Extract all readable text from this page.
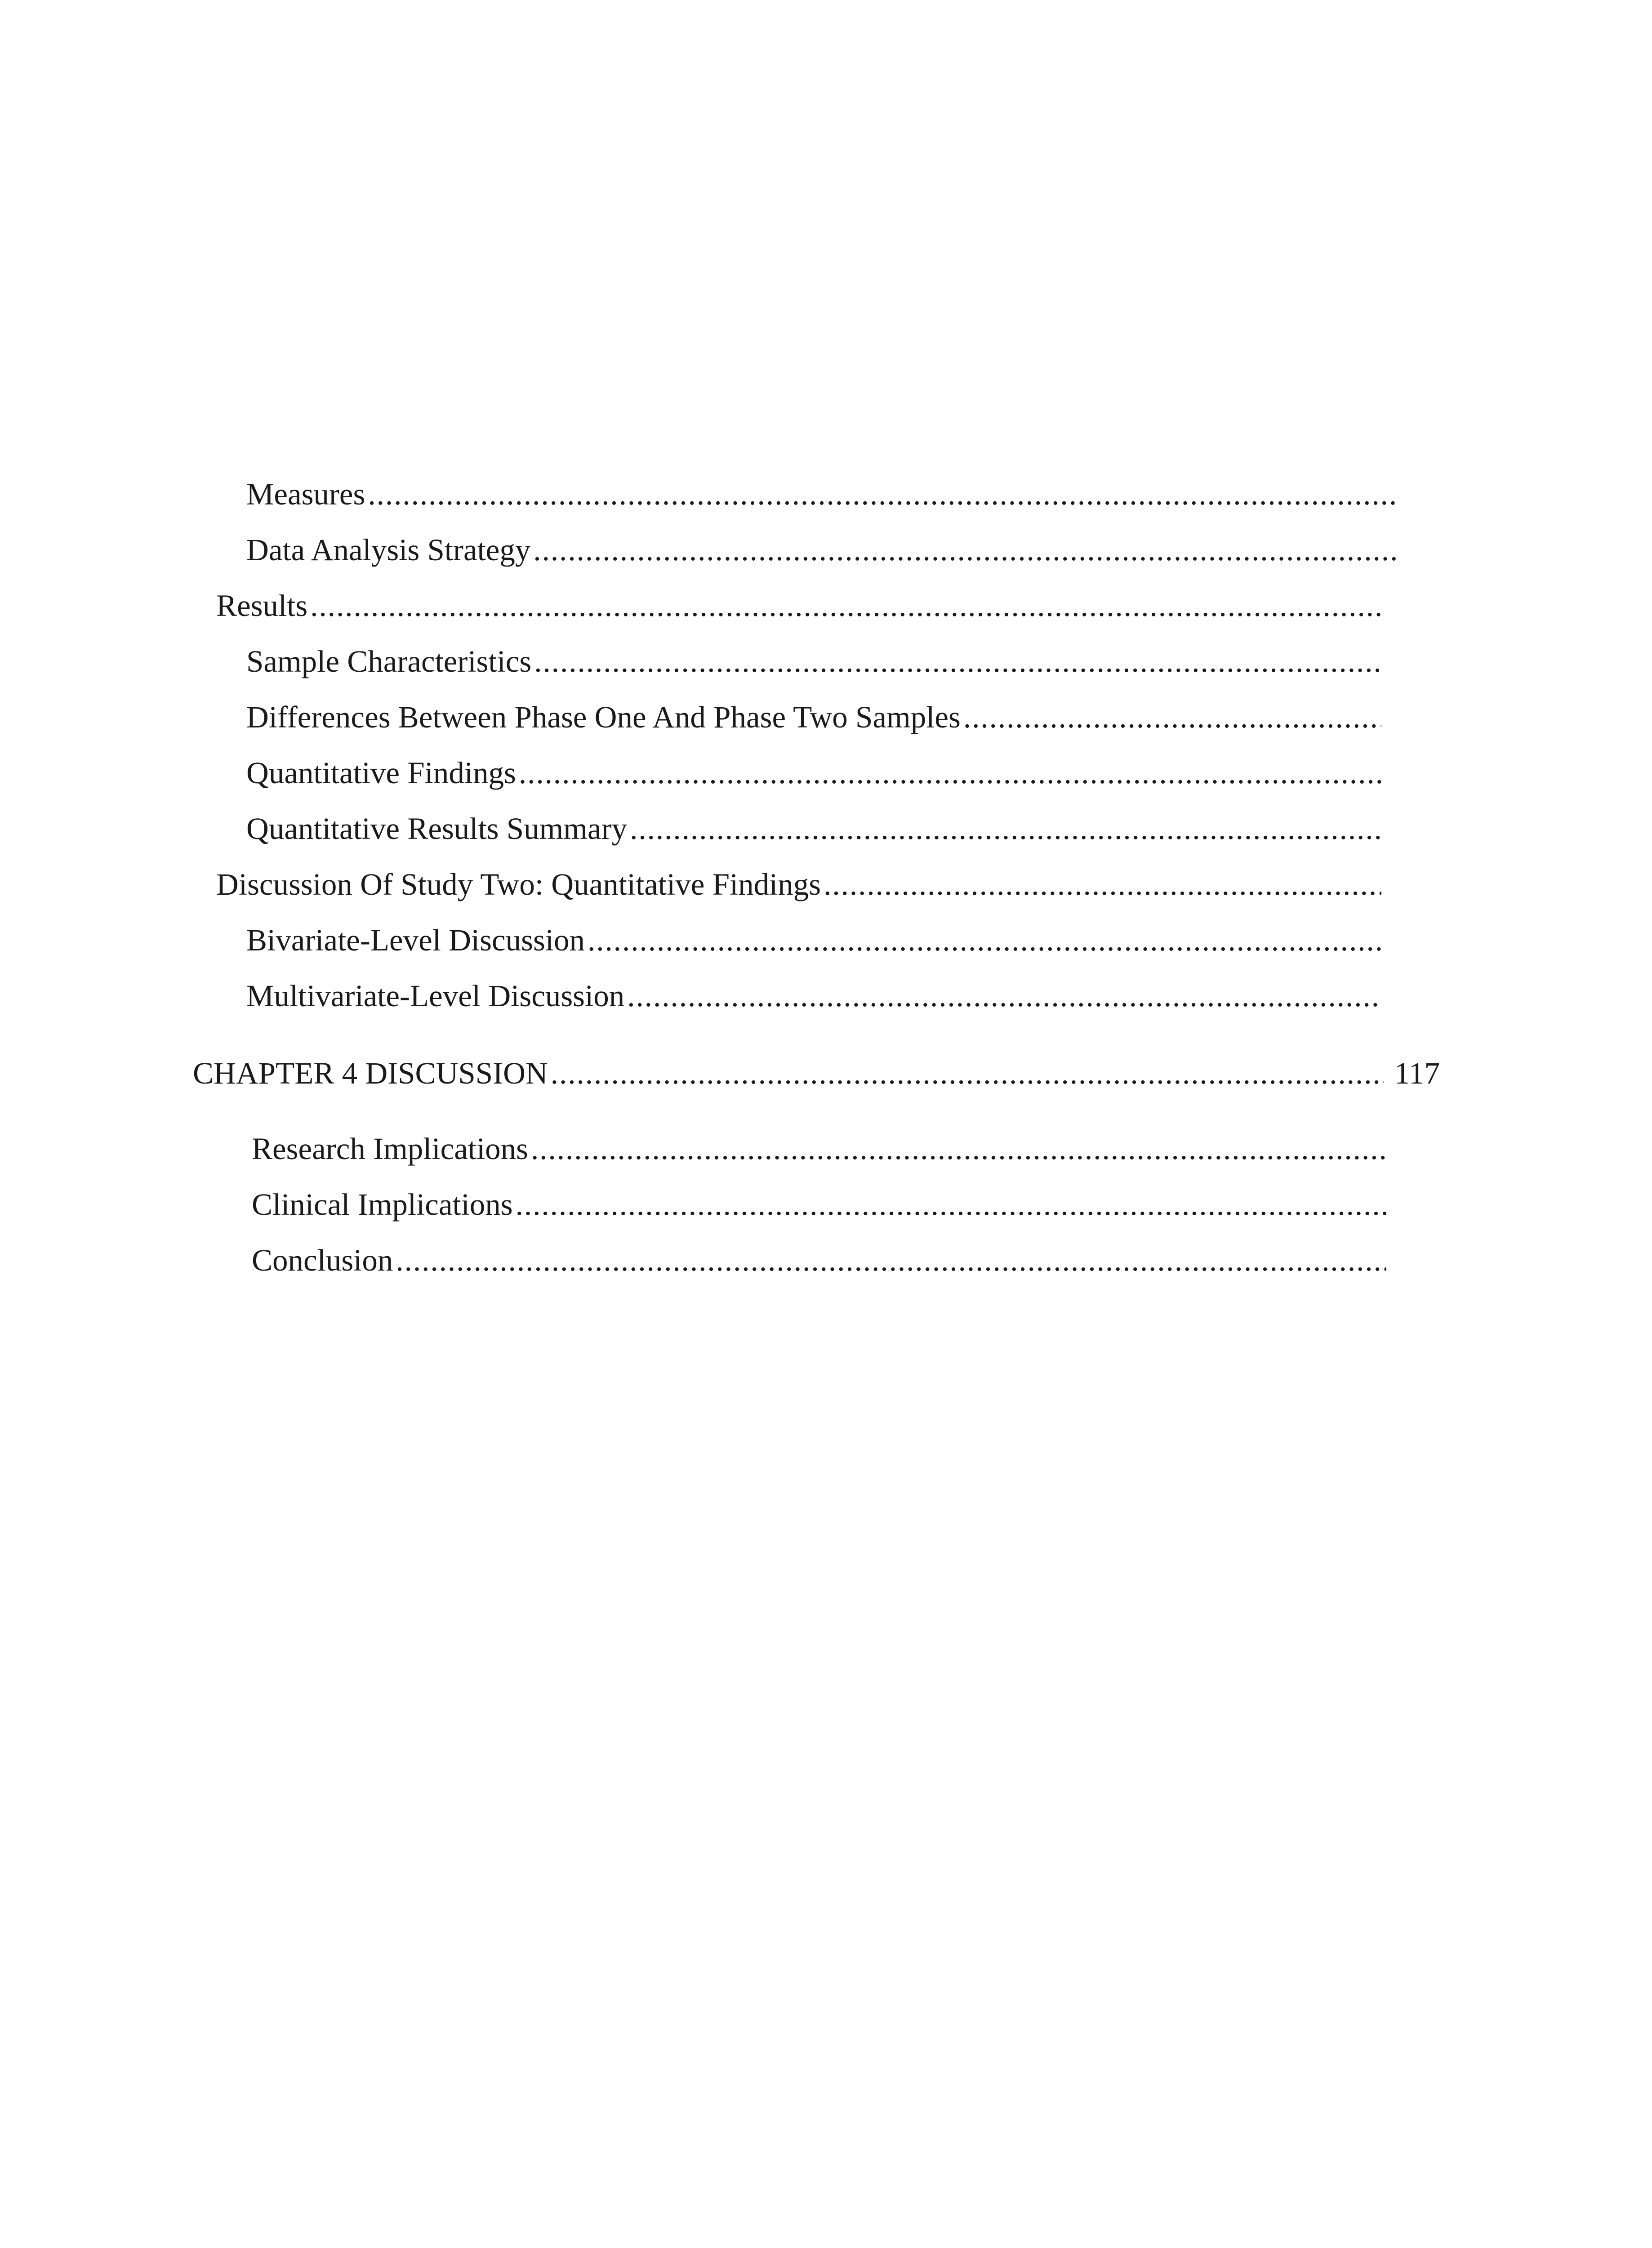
Measures
.....
Data Analysis Strategy
.....
Results
.....
Sample Characteristics
.....
Differences Between Phase One And Phase Two Samples
.....
Quantitative Findings
.....
Quantitative Results Summary
.....
Discussion Of Study Two: Quantitative Findings
.....
Bivariate-Level Discussion
.....
Multivariate-Level Discussion
.....
CHAPTER 4 DISCUSSION
.....	117
Research Implications
.....
Clinical Implications
.....
Conclusion
.....
